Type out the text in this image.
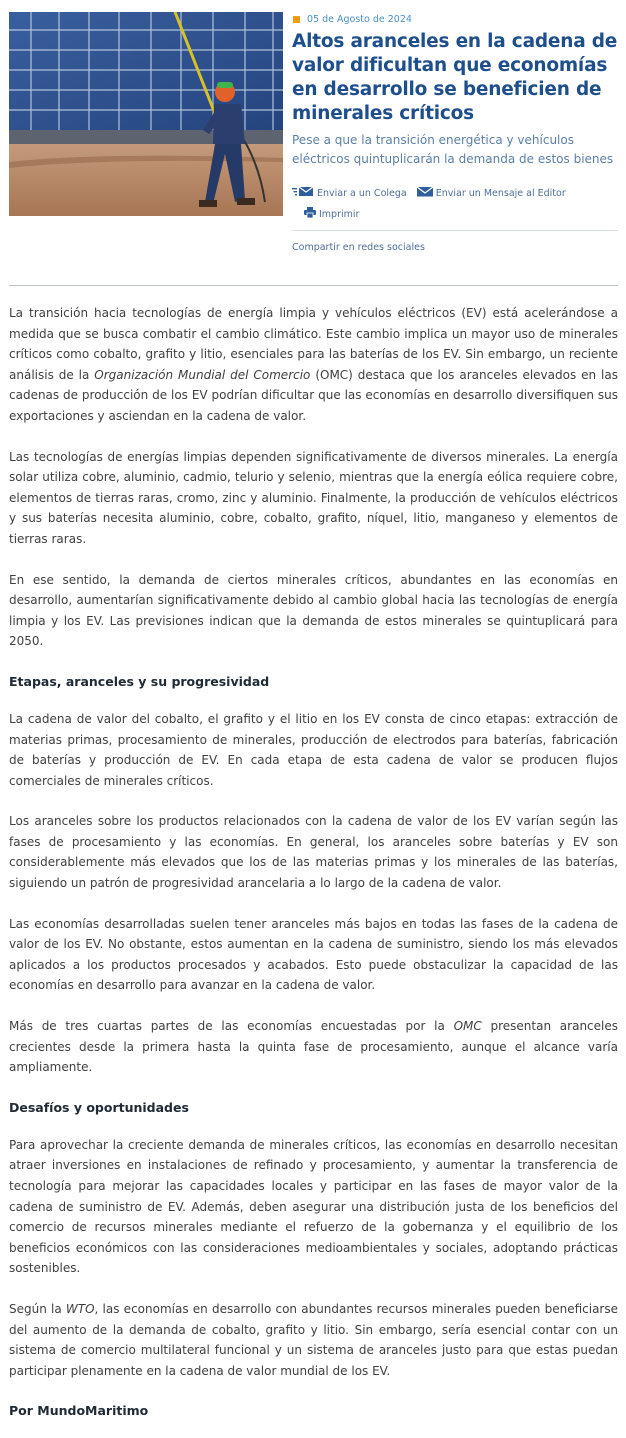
05 de Agosto de 2024
Altos aranceles en la cadena de valor dificultan que economías en desarrollo se beneficien de minerales críticos

Pese a que la transición energética y vehículos eléctricos quintuplicarán la demanda de estos bienes

Enviar a un Colega	Enviar un Mensaje al Editor
Imprimir
Compartir en redes sociales

La transición hacia tecnologías de energía limpia y vehículos eléctricos (EV) está acelerándose a medida que se busca combatir el cambio climático. Este cambio implica un mayor uso de minerales críticos como cobalto, grafito y litio, esenciales para las baterías de los EV. Sin embargo, un reciente análisis de la Organización Mundial del Comercio (OMC) destaca que los aranceles elevados en las cadenas de producción de los EV podrían dificultar que las economías en desarrollo diversifiquen sus exportaciones y asciendan en la cadena de valor.

Las tecnologías de energías limpias dependen significativamente de diversos minerales. La energía solar utiliza cobre, aluminio, cadmio, telurio y selenio, mientras que la energía eólica requiere cobre, elementos de tierras raras, cromo, zinc y aluminio. Finalmente, la producción de vehículos eléctricos y sus baterías necesita aluminio, cobre, cobalto, grafito, níquel, litio, manganeso y elementos de tierras raras.

En ese sentido, la demanda de ciertos minerales críticos, abundantes en las economías en desarrollo, aumentarían significativamente debido al cambio global hacia las tecnologías de energía limpia y los EV. Las previsiones indican que la demanda de estos minerales se quintuplicará para 2050.

Etapas, aranceles y su progresividad

La cadena de valor del cobalto, el grafito y el litio en los EV consta de cinco etapas: extracción de materias primas, procesamiento de minerales, producción de electrodos para baterías, fabricación de baterías y producción de EV. En cada etapa de esta cadena de valor se producen flujos comerciales de minerales críticos.

Los aranceles sobre los productos relacionados con la cadena de valor de los EV varían según las fases de procesamiento y las economías. En general, los aranceles sobre baterías y EV son considerablemente más elevados que los de las materias primas y los minerales de las baterías, siguiendo un patrón de progresividad arancelaria a lo largo de la cadena de valor.

Las economías desarrolladas suelen tener aranceles más bajos en todas las fases de la cadena de valor de los EV. No obstante, estos aumentan en la cadena de suministro, siendo los más elevados aplicados a los productos procesados y acabados. Esto puede obstaculizar la capacidad de las economías en desarrollo para avanzar en la cadena de valor.

Más de tres cuartas partes de las economías encuestadas por la OMC presentan aranceles crecientes desde la primera hasta la quinta fase de procesamiento, aunque el alcance varía ampliamente.

Desafíos y oportunidades

Para aprovechar la creciente demanda de minerales críticos, las economías en desarrollo necesitan atraer inversiones en instalaciones de refinado y procesamiento, y aumentar la transferencia de tecnología para mejorar las capacidades locales y participar en las fases de mayor valor de la cadena de suministro de EV. Además, deben asegurar una distribución justa de los beneficios del comercio de recursos minerales mediante el refuerzo de la gobernanza y el equilibrio de los beneficios económicos con las consideraciones medioambientales y sociales, adoptando prácticas sostenibles.

Según la WTO, las economías en desarrollo con abundantes recursos minerales pueden beneficiarse del aumento de la demanda de cobalto, grafito y litio. Sin embargo, sería esencial contar con un sistema de comercio multilateral funcional y un sistema de aranceles justo para que estas puedan participar plenamente en la cadena de valor mundial de los EV.

Por MundoMaritimo
